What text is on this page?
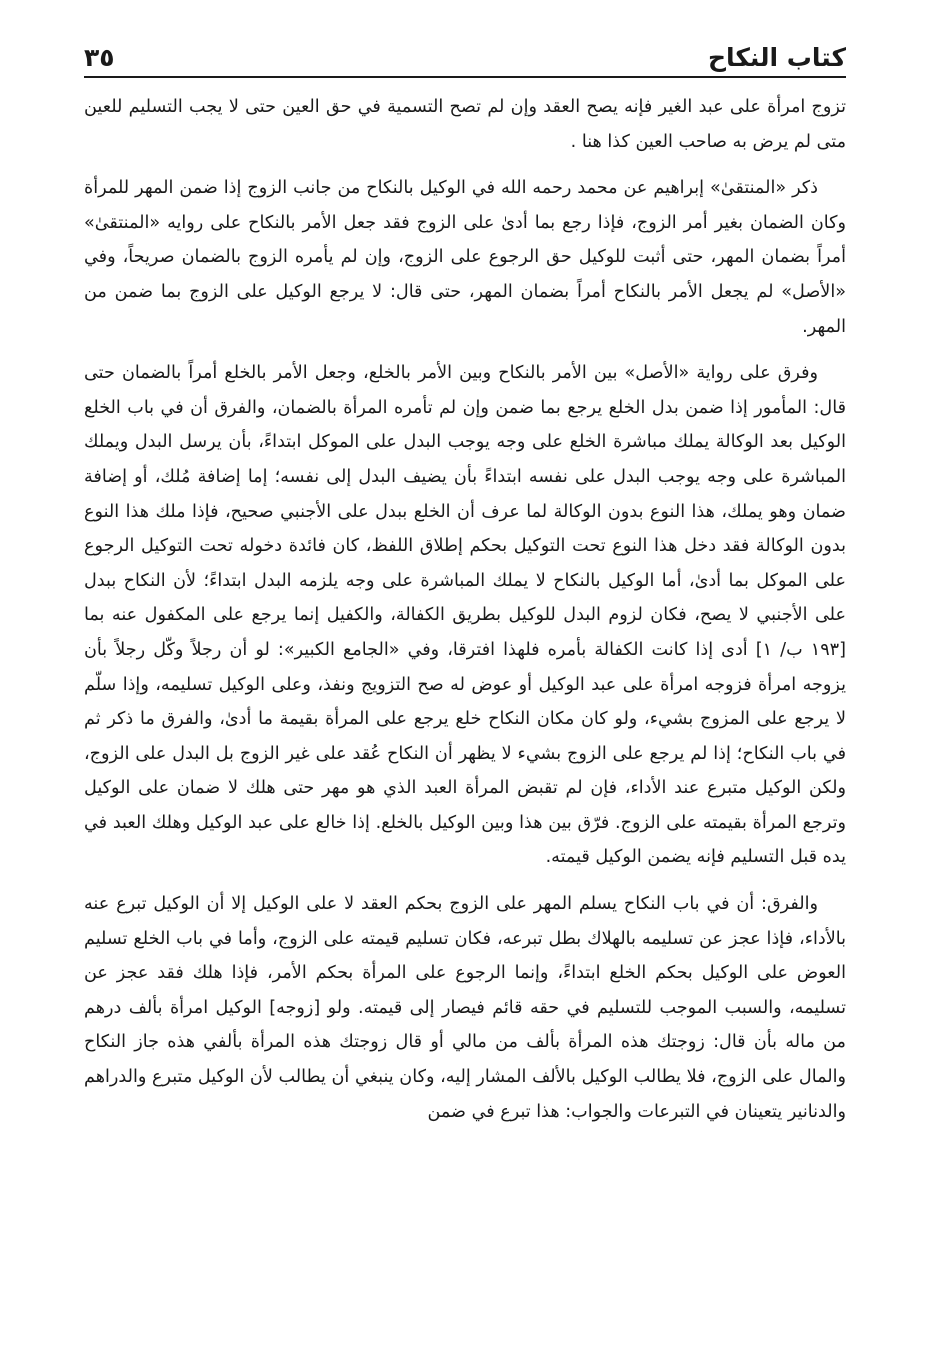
كتاب النكاح
٣٥

تزوج امرأة على عبد الغير فإنه يصح العقد وإن لم تصح التسمية في حق العين حتى لا يجب التسليم للعين متى لم يرض به صاحب العين كذا هنا .

ذكر «المنتقىٰ» إبراهيم عن محمد رحمه الله في الوكيل بالنكاح من جانب الزوج إذا ضمن المهر للمرأة وكان الضمان بغير أمر الزوج، فإذا رجع بما أدىٰ على الزوج فقد جعل الأمر بالنكاح على روايه «المنتقىٰ» أمراً بضمان المهر، حتى أثبت للوكيل حق الرجوع على الزوج، وإن لم يأمره الزوج بالضمان صريحاً، وفي «الأصل» لم يجعل الأمر بالنكاح أمراً بضمان المهر، حتى قال: لا يرجع الوكيل على الزوج بما ضمن من المهر.

وفرق على رواية «الأصل» بين الأمر بالنكاح وبين الأمر بالخلع، وجعل الأمر بالخلع أمراً بالضمان حتى قال: المأمور إذا ضمن بدل الخلع يرجع بما ضمن وإن لم تأمره المرأة بالضمان، والفرق أن في باب الخلع الوكيل بعد الوكالة يملك مباشرة الخلع على وجه يوجب البدل على الموكل ابتداءً، بأن يرسل البدل ويملك المباشرة على وجه يوجب البدل على نفسه ابتداءً بأن يضيف البدل إلى نفسه؛ إما إضافة مُلك، أو إضافة ضمان وهو يملك، هذا النوع بدون الوكالة لما عرف أن الخلع ببدل على الأجنبي صحيح، فإذا ملك هذا النوع بدون الوكالة فقد دخل هذا النوع تحت التوكيل بحكم إطلاق اللفظ، كان فائدة دخوله تحت التوكيل الرجوع على الموكل بما أدىٰ، أما الوكيل بالنكاح لا يملك المباشرة على وجه يلزمه البدل ابتداءً؛ لأن النكاح ببدل على الأجنبي لا يصح، فكان لزوم البدل للوكيل بطريق الكفالة، والكفيل إنما يرجع على المكفول عنه بما [١٩٣ ب/ ١] أدى إذا كانت الكفالة بأمره فلهذا افترقا، وفي «الجامع الكبير»: لو أن رجلاً وكّل رجلاً بأن يزوجه امرأة فزوجه امرأة على عبد الوكيل أو عوض له صح التزويج ونفذ، وعلى الوكيل تسليمه، وإذا سلّم لا يرجع على المزوج بشيء، ولو كان مكان النكاح خلع يرجع على المرأة بقيمة ما أدىٰ، والفرق ما ذكر ثم في باب النكاح؛ إذا لم يرجع على الزوج بشيء لا يظهر أن النكاح عُقد على غير الزوج بل البدل على الزوج، ولكن الوكيل متبرع عند الأداء، فإن لم تقبض المرأة العبد الذي هو مهر حتى هلك لا ضمان على الوكيل وترجع المرأة بقيمته على الزوج. فرّق بين هذا وبين الوكيل بالخلع. إذا خالع على عبد الوكيل وهلك العبد في يده قبل التسليم فإنه يضمن الوكيل قيمته.

والفرق: أن في باب النكاح يسلم المهر على الزوج بحكم العقد لا على الوكيل إلا أن الوكيل تبرع عنه بالأداء، فإذا عجز عن تسليمه بالهلاك بطل تبرعه، فكان تسليم قيمته على الزوج، وأما في باب الخلع تسليم العوض على الوكيل بحكم الخلع ابتداءً، وإنما الرجوع على المرأة بحكم الأمر، فإذا هلك فقد عجز عن تسليمه، والسبب الموجب للتسليم في حقه قائم فيصار إلى قيمته. ولو [زوجه] الوكيل امرأة بألف درهم من ماله بأن قال: زوجتك هذه المرأة بألف من مالي أو قال زوجتك هذه المرأة بألفي هذه جاز النكاح والمال على الزوج، فلا يطالب الوكيل بالألف المشار إليه، وكان ينبغي أن يطالب لأن الوكيل متبرع والدراهم والدنانير يتعينان في التبرعات والجواب: هذا تبرع في ضمن
